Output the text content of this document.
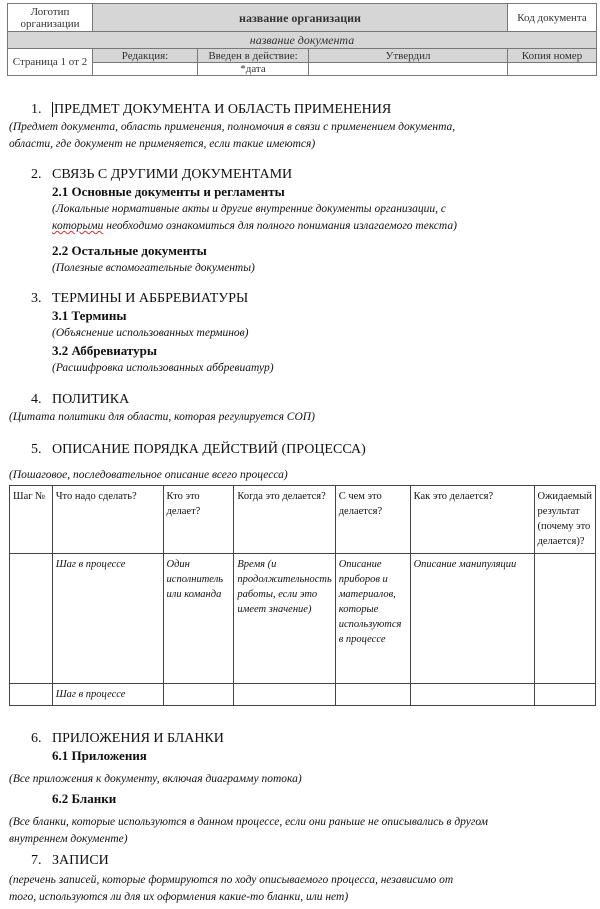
Логотип организации	название организации			Код документа
название документа				
Страница 1 от 2	Редакция:	Введен в действие:	Утвердил	Копия номер
		*дата		
1. ПРЕДМЕТ ДОКУМЕНТА И ОБЛАСТЬ ПРИМЕНЕНИЯ
(Предмет документа, область применения, полномочия в связи с применением документа,
области, где документ не применяется, если такие имеются)
2. СВЯЗЬ С ДРУГИМИ ДОКУМЕНТАМИ
2.1 Основные документы и регламенты
(Локальные нормативные акты и другие внутренние документы организации, с
которыми необходимо ознакомиться для полного понимания излагаемого текста)
2.2 Остальные документы
(Полезные вспомогательные документы)
3. ТЕРМИНЫ И АББРЕВИАТУРЫ
3.1 Термины
(Объяснение использованных терминов)
3.2 Аббревиатуры
(Расшифровка использованных аббревиатур)
4. ПОЛИТИКА
(Цитата политики для области, которая регулируется СОП)
5. ОПИСАНИЕ ПОРЯДКА ДЕЙСТВИЙ (ПРОЦЕССА)
(Пошаговое, последовательное описание всего процесса)
Шаг №	Что надо сделать?	Кто это делает?	Когда это делается?	С чем это делается?	Как это делается?	Ожидаемый результат (почему это делается)?
	Шаг в процессе	Один исполнитель или команда	Время (и продолжительность работы, если это имеет значение)	Описание приборов и материалов, которые используются в процессе	Описание манипуляции	
	Шаг в процессе					
6. ПРИЛОЖЕНИЯ И БЛАНКИ
6.1 Приложения
(Все приложения к документу, включая диаграмму потока)
6.2 Бланки
(Все бланки, которые используются в данном процессе, если они раньше не описывались в другом
внутреннем документе)
7. ЗАПИСИ
(перечень записей, которые формируются по ходу описываемого процесса, независимо от
того, используются ли для их оформления какие-то бланки, или нет)
